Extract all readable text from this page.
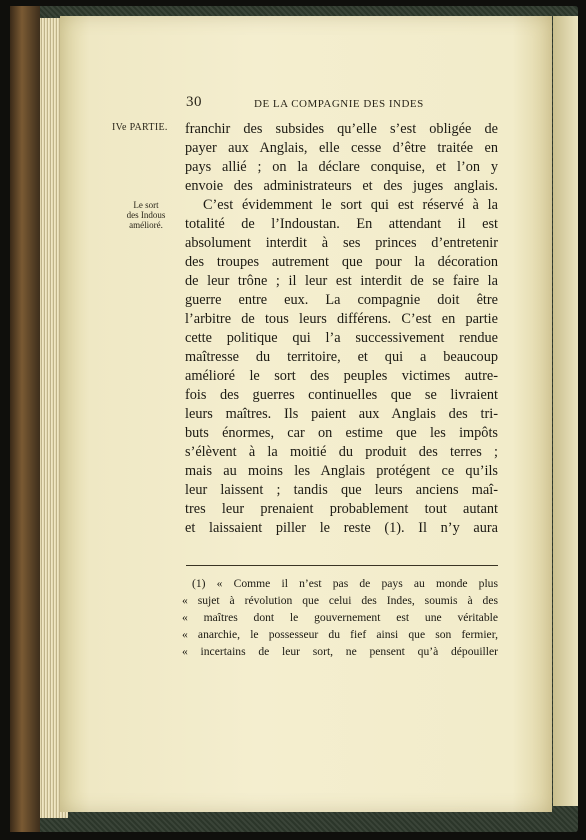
30	DE LA COMPAGNIE DES INDES
IVe PARTIE.
Le sort
des Indous
amélioré.
franchir des subsides qu’elle s’est obligée de
payer aux Anglais, elle cesse d’être traitée en
pays allié ; on la déclare conquise, et l’on y
envoie des administrateurs et des juges anglais.
C’est évidemment le sort qui est réservé à la
totalité de l’Indoustan. En attendant il est
absolument interdit à ses princes d’entretenir
des troupes autrement que pour la décoration
de leur trône ; il leur est interdit de se faire la
guerre entre eux. La compagnie doit être
l’arbitre de tous leurs différens. C’est en partie
cette politique qui l’a successivement rendue
maîtresse du territoire, et qui a beaucoup
amélioré le sort des peuples victimes autre-
fois des guerres continuelles que se livraient
leurs maîtres. Ils paient aux Anglais des tri-
buts énormes, car on estime que les impôts
s’élèvent à la moitié du produit des terres ;
mais au moins les Anglais protégent ce qu’ils
leur laissent ; tandis que leurs anciens maî-
tres leur prenaient probablement tout autant
et laissaient piller le reste (1). Il n’y aura
(1) « Comme il n’est pas de pays au monde plus
« sujet à révolution que celui des Indes, soumis à des
« maîtres dont le gouvernement est une véritable
« anarchie, le possesseur du fief ainsi que son fermier,
« incertains de leur sort, ne pensent qu’à dépouiller
